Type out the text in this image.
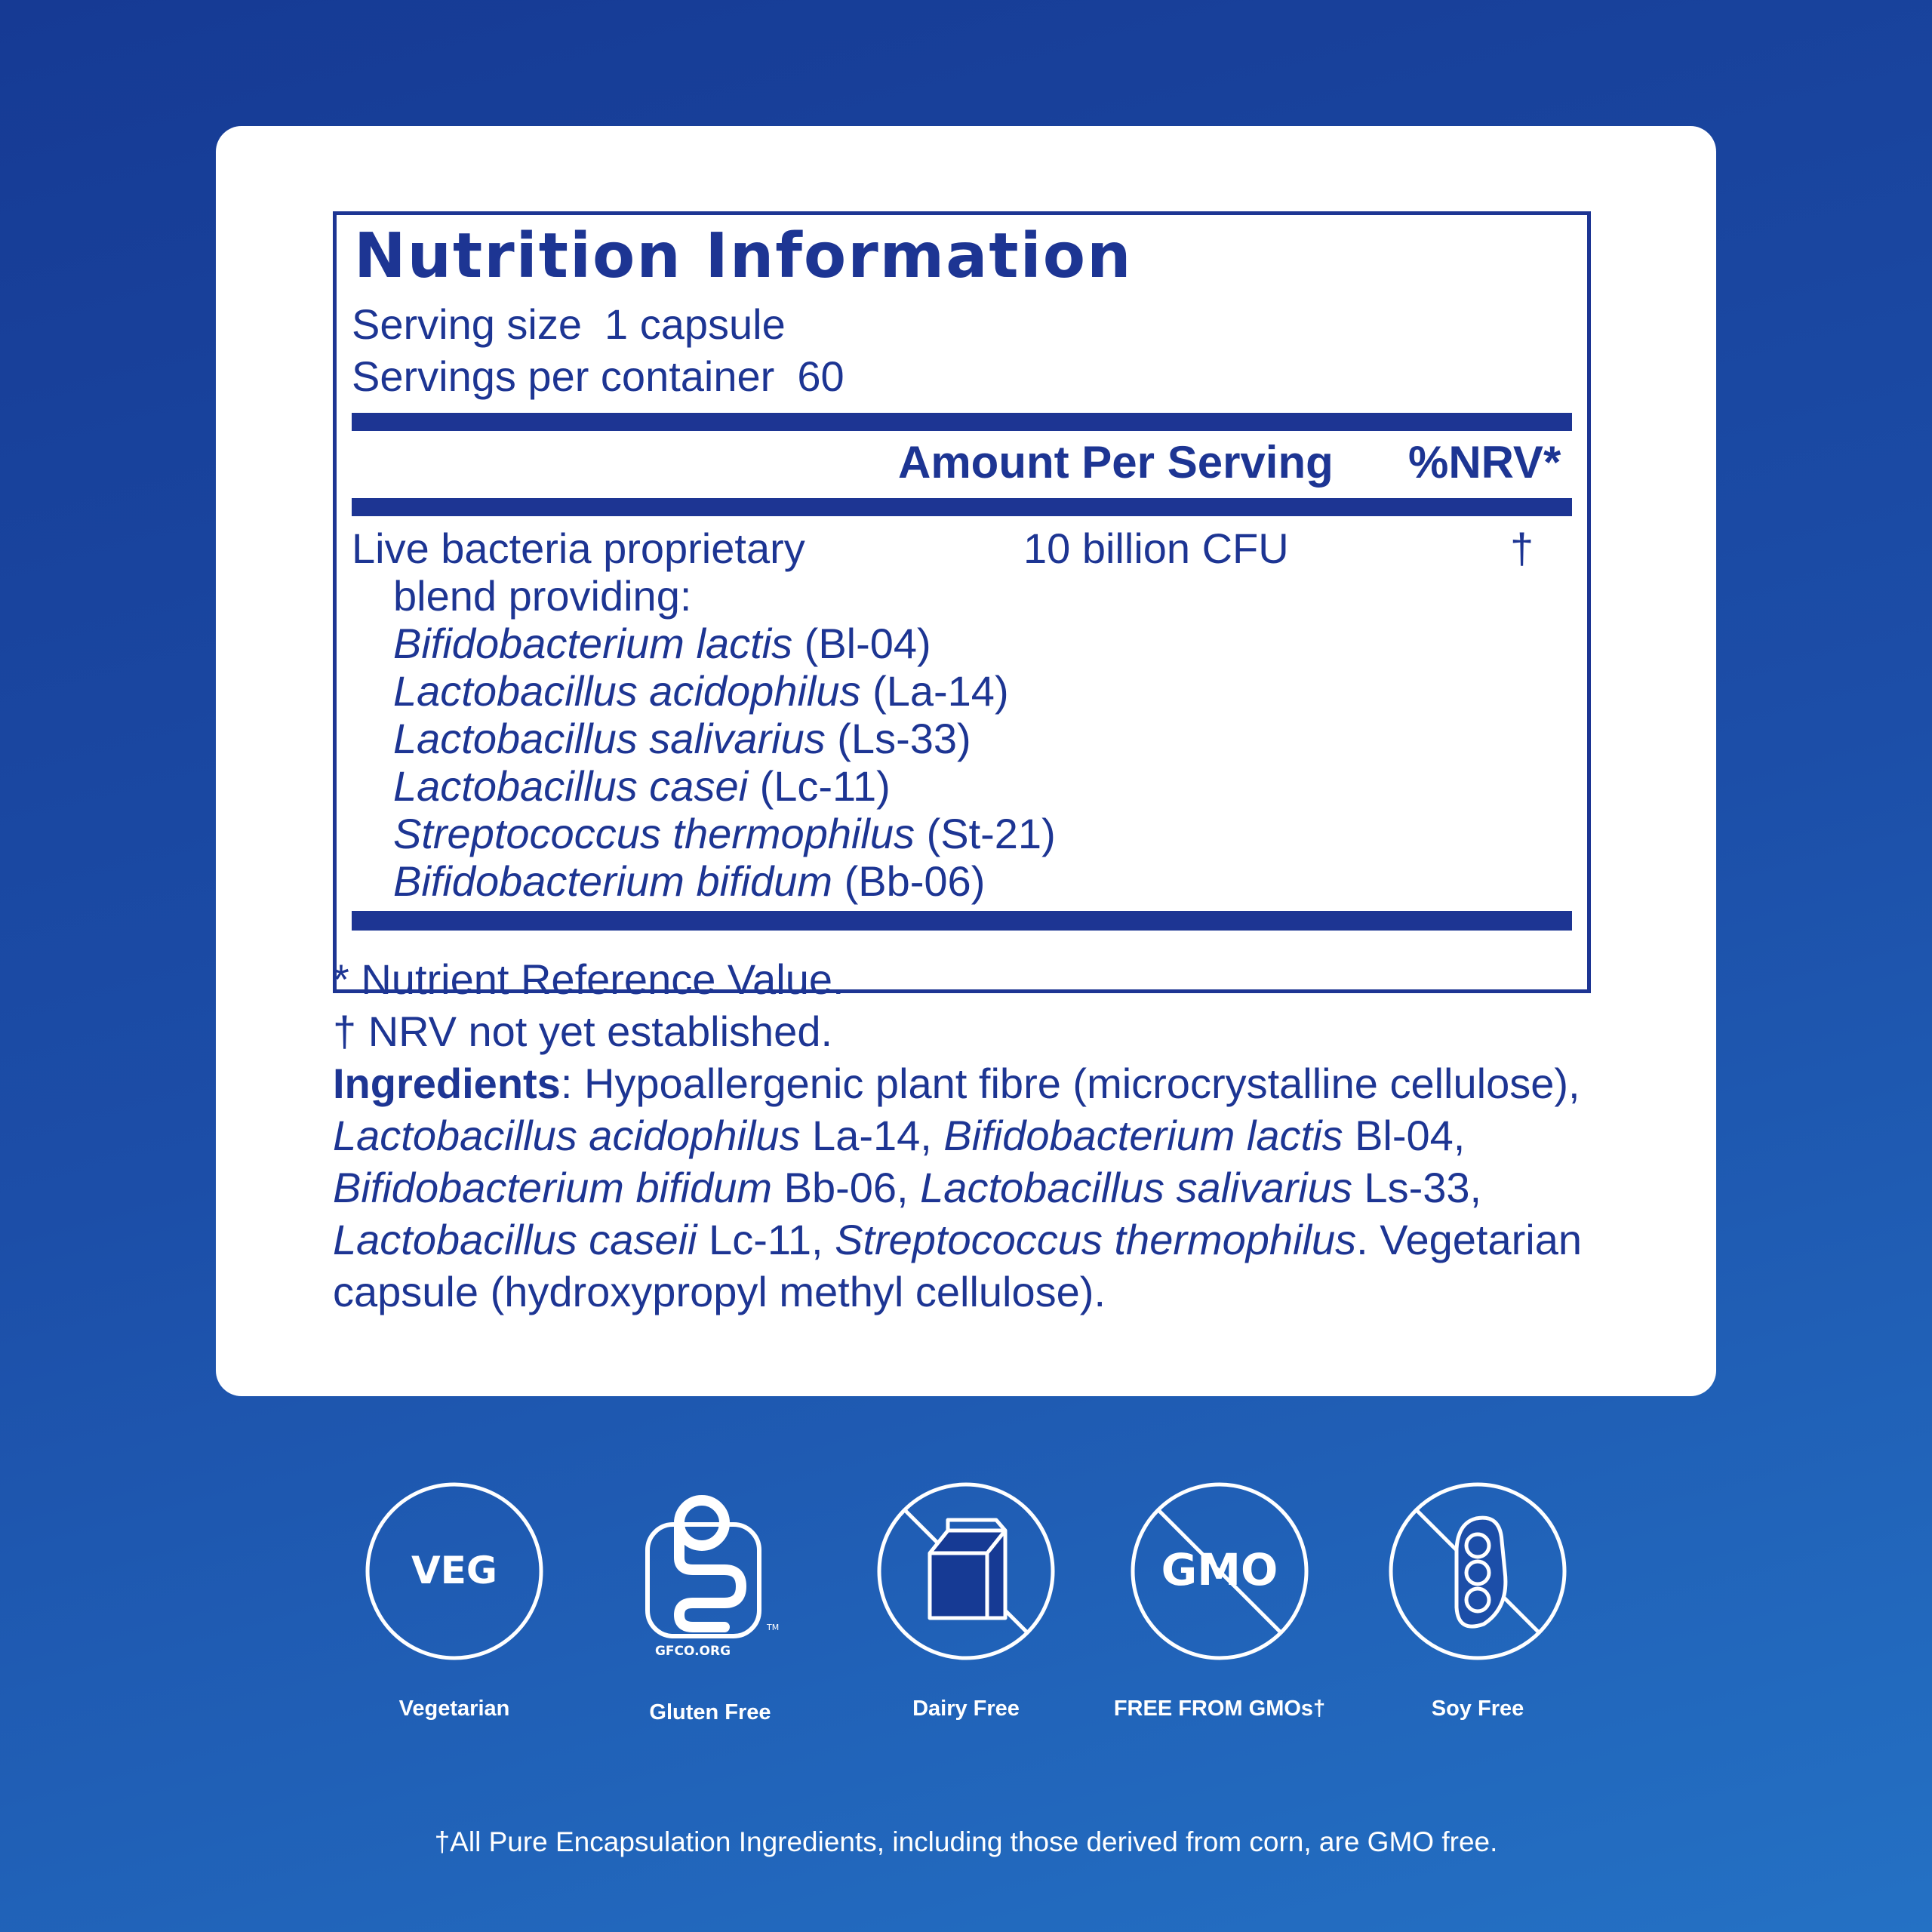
Nutrition Information
Serving size 1 capsule
Servings per container 60
Amount Per Serving %NRV*
Live bacteria proprietary
blend providing:
10 billion CFU	†
Bifidobacterium lactis (Bl-04)
Lactobacillus acidophilus (La-14)
Lactobacillus salivarius (Ls-33)
Lactobacillus casei (Lc-11)
Streptococcus thermophilus (St-21)
Bifidobacterium bifidum (Bb-06)

* Nutrient Reference Value.

† NRV not yet established.

Ingredients: Hypoallergenic plant fibre (microcrystalline cellulose), Lactobacillus acidophilus La-14, Bifidobacterium lactis Bl-04, Bifidobacterium bifidum Bb-06, Lactobacillus salivarius Ls-33, Lactobacillus caseii Lc-11, Streptococcus thermophilus. Vegetarian capsule (hydroxypropyl methyl cellulose).

VEG
Vegetarian
GFCO.ORG
TM
Gluten Free	Dairy Free
GMO
FREE FROM GMOs†	Soy Free
†All Pure Encapsulation Ingredients, including those derived from corn, are GMO free.
